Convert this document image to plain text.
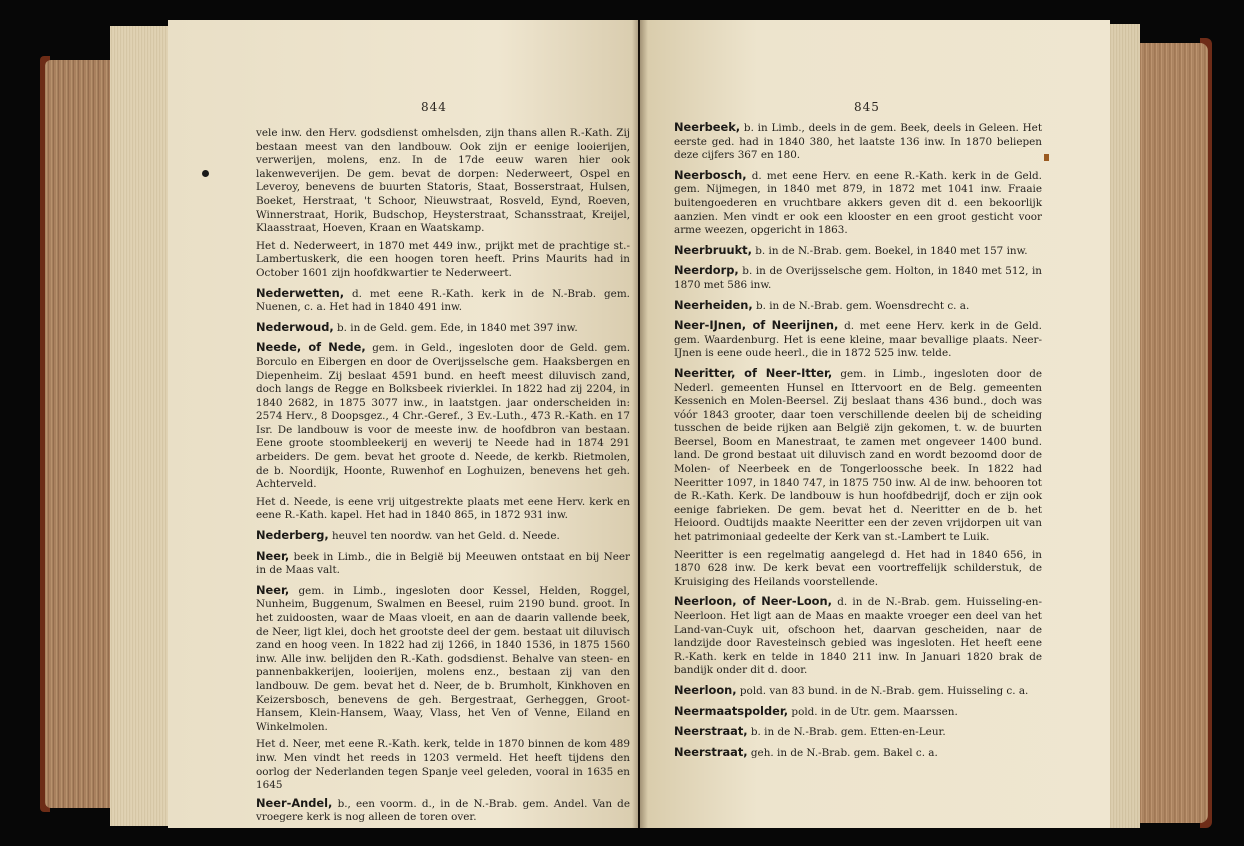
844

vele inw. den Herv. godsdienst omhelsden, zijn thans allen R.-Kath. Zij bestaan meest van den landbouw. Ook zijn er eenige looierijen, verwerijen, molens, enz. In de 17de eeuw waren hier ook lakenweverijen. De gem. bevat de dorpen: Nederweert, Ospel en Leveroy, benevens de buurten Statoris, Staat, Bosserstraat, Hulsen, Boeket, Herstraat, 't Schoor, Nieuwstraat, Rosveld, Eynd, Roeven, Winnerstraat, Horik, Budschop, Heysterstraat, Schansstraat, Kreijel, Klaasstraat, Hoeven, Kraan en Waatskamp.

Het d. Nederweert, in 1870 met 449 inw., prijkt met de prachtige st.-Lambertuskerk, die een hoogen toren heeft. Prins Maurits had in October 1601 zijn hoofdkwartier te Nederweert.

Nederwetten, d. met eene R.-Kath. kerk in de N.-Brab. gem. Nuenen, c. a. Het had in 1840 491 inw.

Nederwoud, b. in de Geld. gem. Ede, in 1840 met 397 inw.

Neede, of Nede, gem. in Geld., ingesloten door de Geld. gem. Borculo en Eibergen en door de Overijsselsche gem. Haaksbergen en Diepenheim. Zij beslaat 4591 bund. en heeft meest diluvisch zand, doch langs de Regge en Bolksbeek rivierklei. In 1822 had zij 2204, in 1840 2682, in 1875 3077 inw., in laatstgen. jaar onderscheiden in: 2574 Herv., 8 Doopsgez., 4 Chr.-Geref., 3 Ev.-Luth., 473 R.-Kath. en 17 Isr. De landbouw is voor de meeste inw. de hoofdbron van bestaan. Eene groote stoombleekerij en weverij te Neede had in 1874 291 arbeiders. De gem. bevat het groote d. Neede, de kerkb. Rietmolen, de b. Noordijk, Hoonte, Ruwenhof en Loghuizen, benevens het geh. Achterveld.

Het d. Neede, is eene vrij uitgestrekte plaats met eene Herv. kerk en eene R.-Kath. kapel. Het had in 1840 865, in 1872 931 inw.

Nederberg, heuvel ten noordw. van het Geld. d. Neede.

Neer, beek in Limb., die in België bij Meeuwen ontstaat en bij Neer in de Maas valt.

Neer, gem. in Limb., ingesloten door Kessel, Helden, Roggel, Nunheim, Buggenum, Swalmen en Beesel, ruim 2190 bund. groot. In het zuidoosten, waar de Maas vloeit, en aan de daarin vallende beek, de Neer, ligt klei, doch het grootste deel der gem. bestaat uit diluvisch zand en hoog veen. In 1822 had zij 1266, in 1840 1536, in 1875 1560 inw. Alle inw. belijden den R.-Kath. godsdienst. Behalve van steen- en pannenbakkerijen, looierijen, molens enz., bestaan zij van den landbouw. De gem. bevat het d. Neer, de b. Brumholt, Kinkhoven en Keizersbosch, benevens de geh. Bergestraat, Gerheggen, Groot-Hansem, Klein-Hansem, Waay, Vlass, het Ven of Venne, Eiland en Winkelmolen.

Het d. Neer, met eene R.-Kath. kerk, telde in 1870 binnen de kom 489 inw. Men vindt het reeds in 1203 vermeld. Het heeft tijdens den oorlog der Nederlanden tegen Spanje veel geleden, vooral in 1635 en 1645

Neer-Andel, b., een voorm. d., in de N.-Brab. gem. Andel. Van de vroegere kerk is nog alleen de toren over.

845

Neerbeek, b. in Limb., deels in de gem. Beek, deels in Geleen. Het eerste ged. had in 1840 380, het laatste 136 inw. In 1870 beliepen deze cijfers 367 en 180.

Neerbosch, d. met eene Herv. en eene R.-Kath. kerk in de Geld. gem. Nijmegen, in 1840 met 879, in 1872 met 1041 inw. Fraaie buitengoederen en vruchtbare akkers geven dit d. een bekoorlijk aanzien. Men vindt er ook een klooster en een groot gesticht voor arme weezen, opgericht in 1863.

Neerbruukt, b. in de N.-Brab. gem. Boekel, in 1840 met 157 inw.

Neerdorp, b. in de Overijsselsche gem. Holton, in 1840 met 512, in 1870 met 586 inw.

Neerheiden, b. in de N.-Brab. gem. Woensdrecht c. a.

Neer-IJnen, of Neerijnen, d. met eene Herv. kerk in de Geld. gem. Waardenburg. Het is eene kleine, maar bevallige plaats. Neer-IJnen is eene oude heerl., die in 1872 525 inw. telde.

Neeritter, of Neer-Itter, gem. in Limb., ingesloten door de Nederl. gemeenten Hunsel en Ittervoort en de Belg. gemeenten Kessenich en Molen-Beersel. Zij beslaat thans 436 bund., doch was vóór 1843 grooter, daar toen verschillende deelen bij de scheiding tusschen de beide rijken aan België zijn gekomen, t. w. de buurten Beersel, Boom en Manestraat, te zamen met ongeveer 1400 bund. land. De grond bestaat uit diluvisch zand en wordt bezoomd door de Molen- of Neerbeek en de Tongerloossche beek. In 1822 had Neeritter 1097, in 1840 747, in 1875 750 inw. Al de inw. behooren tot de R.-Kath. Kerk. De landbouw is hun hoofdbedrijf, doch er zijn ook eenige fabrieken. De gem. bevat het d. Neeritter en de b. het Heioord. Oudtijds maakte Neeritter een der zeven vrijdorpen uit van het patrimoniaal gedeelte der Kerk van st.-Lambert te Luik.

Neeritter is een regelmatig aangelegd d. Het had in 1840 656, in 1870 628 inw. De kerk bevat een voortreffelijk schilderstuk, de Kruisiging des Heilands voorstellende.

Neerloon, of Neer-Loon, d. in de N.-Brab. gem. Huisseling-en-Neerloon. Het ligt aan de Maas en maakte vroeger een deel van het Land-van-Cuyk uit, ofschoon het, daarvan gescheiden, naar de landzijde door Ravesteinsch gebied was ingesloten. Het heeft eene R.-Kath. kerk en telde in 1840 211 inw. In Januari 1820 brak de bandijk onder dit d. door.

Neerloon, pold. van 83 bund. in de N.-Brab. gem. Huisseling c. a.

Neermaatspolder, pold. in de Utr. gem. Maarssen.

Neerstraat, b. in de N.-Brab. gem. Etten-en-Leur.

Neerstraat, geh. in de N.-Brab. gem. Bakel c. a.
